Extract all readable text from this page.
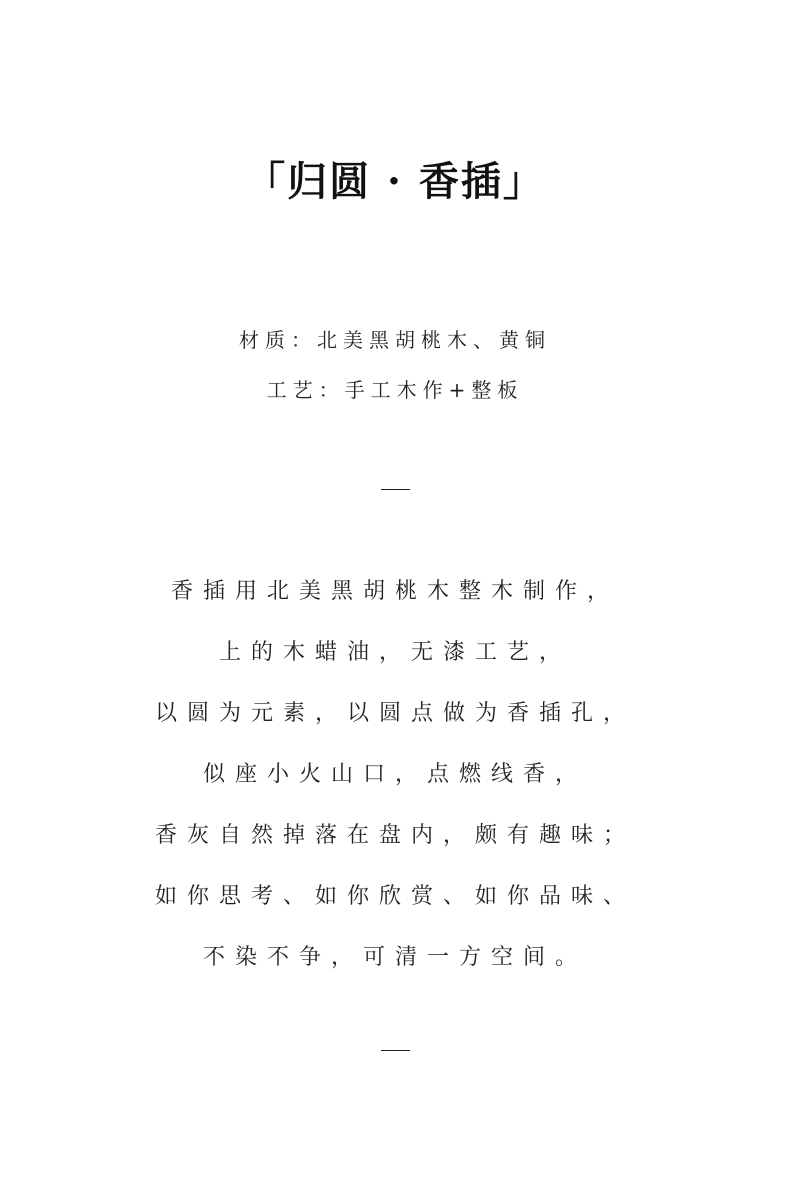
「归圆 · 香插」
材质：北美黑胡桃木、黄铜
工艺：手工木作+整板
香插用北美黑胡桃木整木制作，
上的木蜡油，无漆工艺，
以圆为元素，以圆点做为香插孔，
似座小火山口，点燃线香，
香灰自然掉落在盘内，颇有趣味；
如你思考、如你欣赏、如你品味、
不染不争，可清一方空间。
